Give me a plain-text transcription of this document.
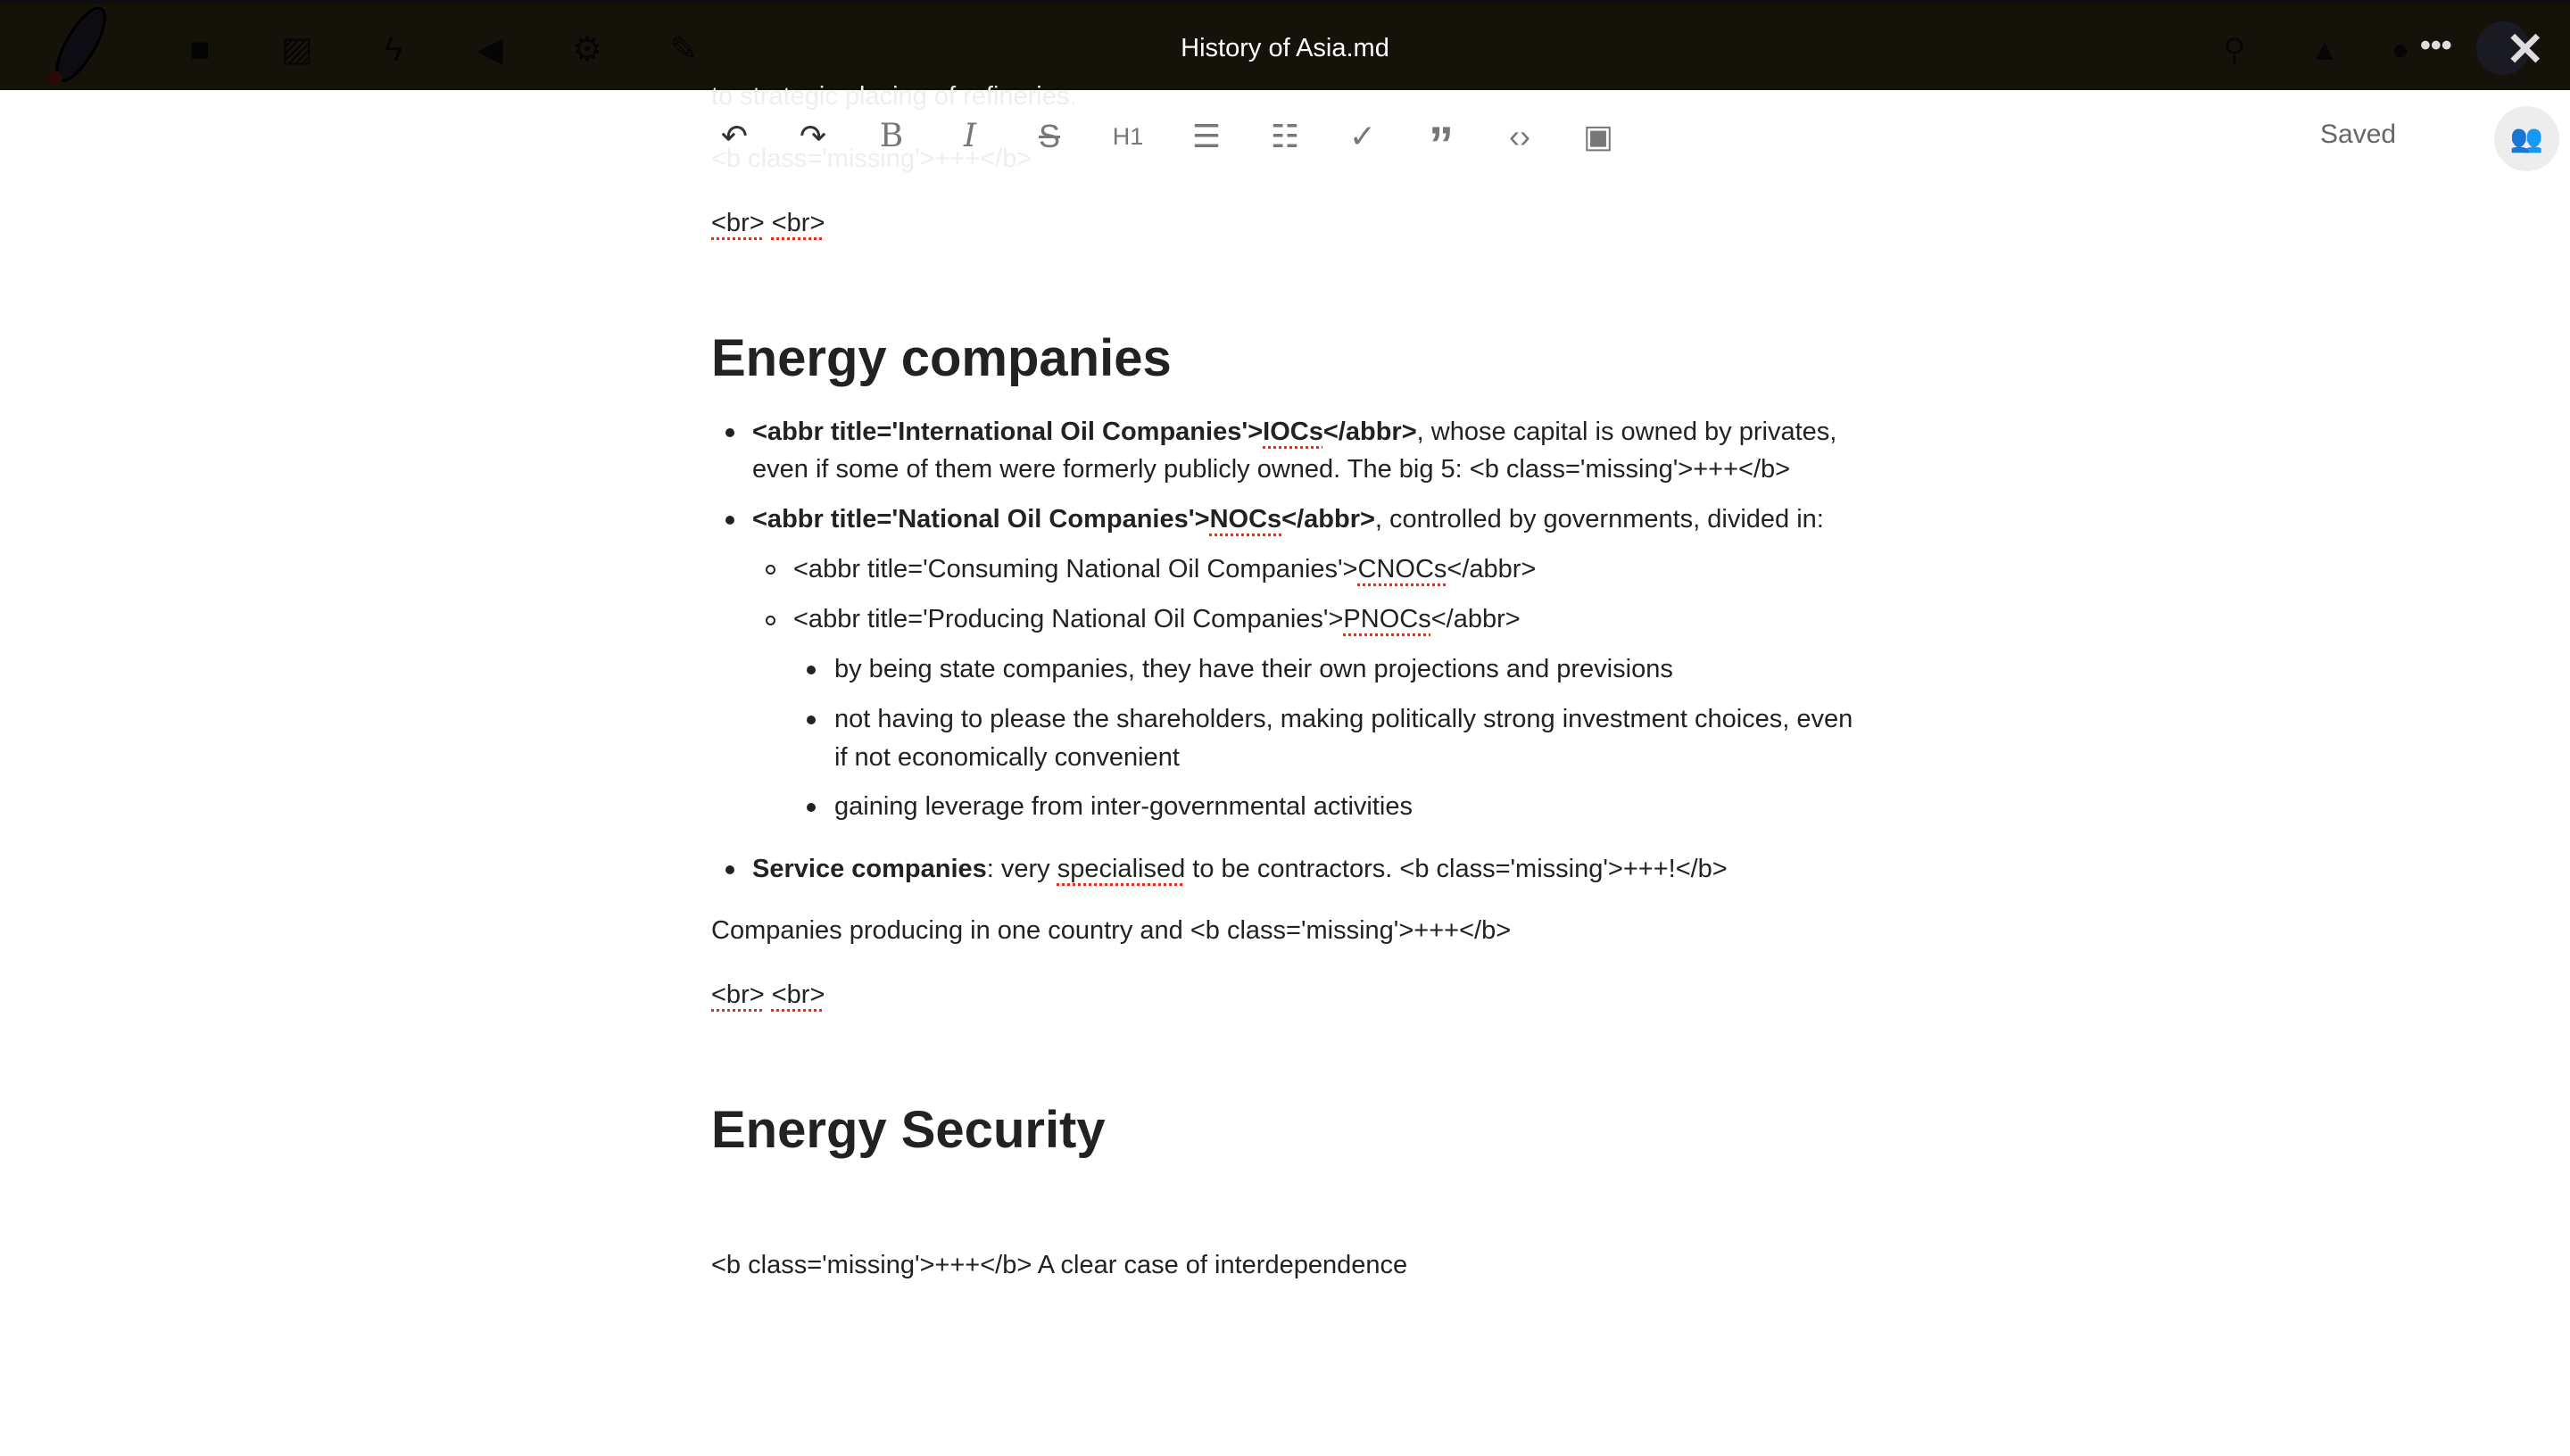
■ ▨	ϟ	◀ ⚙ ✎	History of Asia.md	⚲ ▲	● ••• ✕
to strategic placing of refineries.
<b class='missing'>+++</b>
↶ ↷ B	I	S	H1 ☰ ☷ ✓ ”	‹›	▣	Saved	👥
<br> <br>
Energy companies
<abbr title='International Oil Companies'>IOCs</abbr>, whose capital is owned by privates,
even if some of them were formerly publicly owned. The big 5: <b class='missing'>+++</b>
<abbr title='National Oil Companies'>NOCs</abbr>, controlled by governments, divided in:
<abbr title='Consuming National Oil Companies'>CNOCs</abbr>
<abbr title='Producing National Oil Companies'>PNOCs</abbr>
by being state companies, they have their own projections and previsions
not having to please the shareholders, making politically strong investment choices, even
if not economically convenient
gaining leverage from inter-governmental activities
Service companies: very specialised to be contractors. <b class='missing'>+++!</b>
Companies producing in one country and <b class='missing'>+++</b>
<br> <br>
Energy Security
<b class='missing'>+++</b> A clear case of interdependence
